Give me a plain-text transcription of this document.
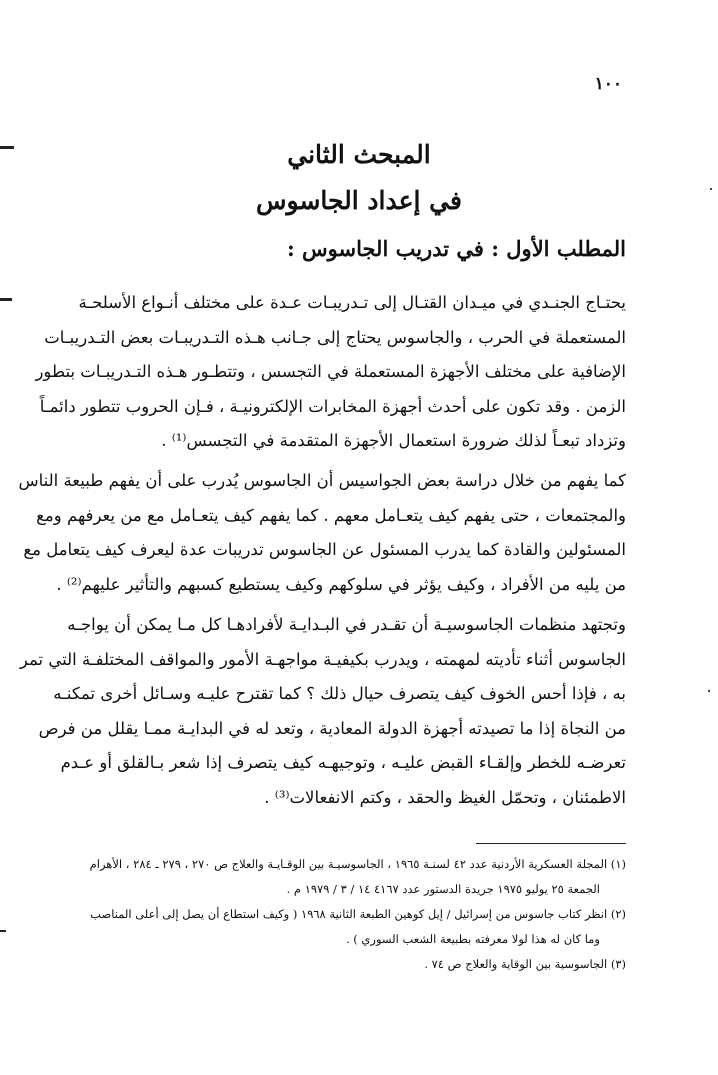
١٠٠

المبحث الثاني
في إعداد الجاسوس
المطلب الأول : في تدريب الجاسوس :
يحتـاج الجنـدي في ميـدان القتـال إلى تـدريبـات عـدة على مختلف أنـواع الأسلحـة
المستعملة في الحرب ، والجاسوس يحتاج إلى جـانب هـذه التـدريبـات بعض التـدريبـات
الإضافية على مختلف الأجهزة المستعملة في التجسس ، وتتطـور هـذه التـدريبـات بتطور
الزمن . وقد تكون على أحدث أجهزة المخابرات الإلكترونيـة ، فـإن الحروب تتطور دائمـاً
وتزداد تبعـاً لذلك ضرورة استعمال الأجهزة المتقدمة في التجسس⁽¹⁾ .
كما يفهم من خلال دراسة بعض الجواسيس أن الجاسوس يُدرب على أن يفهم طبيعة الناس
والمجتمعات ، حتى يفهم كيف يتعـامل معهم . كما يفهم كيف يتعـامل مع من يعرفهم ومع
المسئولين والقادة كما يدرب المسئول عن الجاسوس تدريبات عدة ليعرف كيف يتعامل مع
من يليه من الأفراد ، وكيف يؤثر في سلوكهم وكيف يستطيع كسبهم والتأثير عليهم⁽²⁾ .
وتجتهد منظمات الجاسوسيـة أن تقـدر في البـدايـة لأفرادهـا كل مـا يمكن أن يواجـه
الجاسوس أثناء تأديته لمهمته ، ويدرب بكيفيـة مواجهـة الأمور والمواقف المختلفـة التي تمر
به ، فإذا أحس الخوف كيف يتصرف حيال ذلك ؟ كما تقترح عليـه وسـائل أخرى تمكنـه
من النجاة إذا ما تصيدته أجهزة الدولة المعادية ، وتعد له في البدايـة ممـا يقلل من فرص
تعرضـه للخطر وإلقـاء القبض عليـه ، وتوجيهـه كيف يتصرف إذا شعر بـالقلق أو عـدم
الاطمئنان ، وتحمّل الغيظ والحقد ، وكتم الانفعالات⁽³⁾ .
(١) المجلة العسكرية الأردنية عدد ٤٢ لسنـة ١٩٦٥ ، الجاسوسيـة بين الوقـايـة والعلاج ص ٢٧٠ ، ٢٧٩ ـ ٢٨٤ ، الأهرام
الجمعة ٢٥ يوليو ١٩٧٥ جريدة الدستور عدد ٤١٦٧ ١٤ / ٣ / ١٩٧٩ م .
(٢) انظر كتاب جاسوس من إسرائيل / إيل كوهين الطبعة الثانية ١٩٦٨ ( وكيف استطاع أن يصل إلى أعلى المناصب
وما كان له هذا لولا معرفته بطبيعة الشعب السوري ) .
(٣) الجاسوسية بين الوقاية والعلاج ص ٧٤ .
